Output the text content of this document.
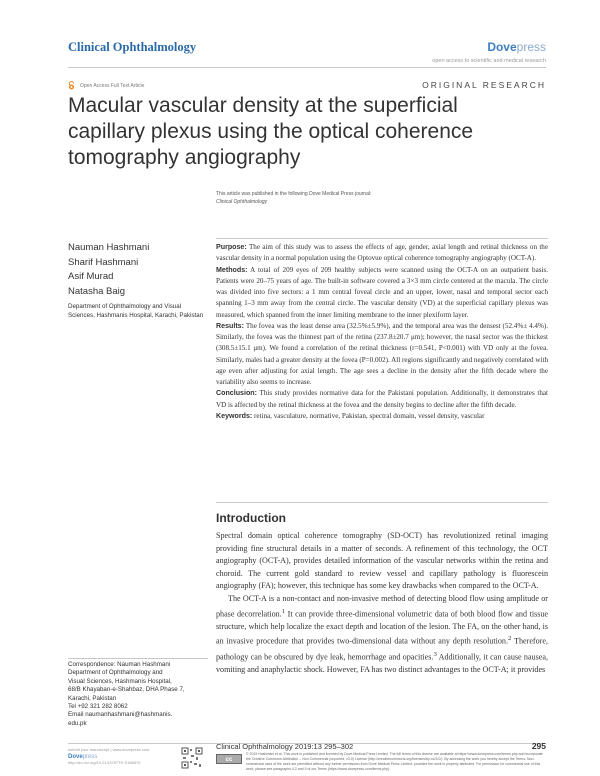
Clinical Ophthalmology	Dovepress
open access to scientific and medical research
Open Access Full Text Article	ORIGINAL RESEARCH
Macular vascular density at the superficial capillary plexus using the optical coherence tomography angiography
This article was published in the following Dove Medical Press journal:
Clinical Ophthalmology
Nauman Hashmani
Sharif Hashmani
Asif Murad
Natasha Baig
Department of Ophthalmology and Visual Sciences, Hashmanis Hospital, Karachi, Pakistan

Purpose: The aim of this study was to assess the effects of age, gender, axial length and retinal thickness on the vascular density in a normal population using the Optovue optical coherence tomography angiography (OCT-A).

Methods: A total of 209 eyes of 209 healthy subjects were scanned using the OCT-A on an outpatient basis. Patients were 20–75 years of age. The built-in software covered a 3×3 mm circle centered at the macula. The circle was divided into five sectors: a 1 mm central foveal circle and an upper, lower, nasal and temporal sector each spanning 1–3 mm away from the central circle. The vascular density (VD) at the superficial capillary plexus was measured, which spanned from the inner limiting membrane to the inner plexiform layer.

Results: The fovea was the least dense area (32.5%±5.9%), and the temporal area was the densest (52.4%± 4.4%). Similarly, the fovea was the thinnest part of the retina (237.8±20.7 μm); however, the nasal sector was the thickest (308.5±15.1 μm). We found a correlation of the retinal thickness (r=0.541, P<0.001) with VD only at the fovea. Similarly, males had a greater density at the fovea (P=0.002). All regions significantly and negatively correlated with age even after adjusting for axial length. The age sees a decline in the density after the fifth decade where the variability also seems to increase.

Conclusion: This study provides normative data for the Pakistani population. Additionally, it demonstrates that VD is affected by the retinal thickness at the fovea and the density begins to decline after the fifth decade.

Keywords: retina, vasculature, normative, Pakistan, spectral domain, vessel density, vascular

Introduction

Spectral domain optical coherence tomography (SD-OCT) has revolutionized retinal imaging providing fine structural details in a matter of seconds. A refinement of this technology, the OCT angiography (OCT-A), provides detailed information of the vascular networks within the retina and choroid. The current gold standard to review vessel and capillary pathology is fluorescein angiography (FA); however, this technique has some key drawbacks when compared to the OCT-A.

The OCT-A is a non-contact and non-invasive method of detecting blood flow using amplitude or phase decorrelation.$^1$ It can provide three-dimensional volumetric data of both blood flow and tissue structure, which help localize the exact depth and location of the lesion. The FA, on the other hand, is an invasive procedure that provides two-dimensional data without any depth resolution.$^2$ Therefore, pathology can be obscured by dye leak, hemorrhage and opacities.$^3$ Additionally, it can cause nausea, vomiting and anaphylactic shock. However, FA has two distinct advantages to the OCT-A; it provides

Correspondence: Nauman Hashmani
Department of Ophthalmology and
Visual Sciences, Hashmanis Hospital,
68/B Khayaban-e-Shahbaz, DHA Phase 7,
Karachi, Pakistan
Tel +92 321 282 8062
Email naumanhashmani@hashmanis.
edu.pk
submit your manuscript | www.dovepress.com
Dovepress
http://dx.doi.org/10.2147/OPTH.S186575
Clinical Ophthalmology 2019:13 295–302	295
cc
© 2019 Hashmani et al. This work is published and licensed by Dove Medical Press Limited. The full terms of this license are available at https://www.dovepress.com/terms.php and incorporate the Creative Commons Attribution – Non Commercial (unported, v3.0) License (http://creativecommons.org/licenses/by-nc/3.0/). By accessing the work you hereby accept the Terms. Non-commercial uses of the work are permitted without any further permission from Dove Medical Press Limited, provided the work is properly attributed. For permission for commercial use of this work, please see paragraphs 4.2 and 5 of our Terms (https://www.dovepress.com/terms.php).
